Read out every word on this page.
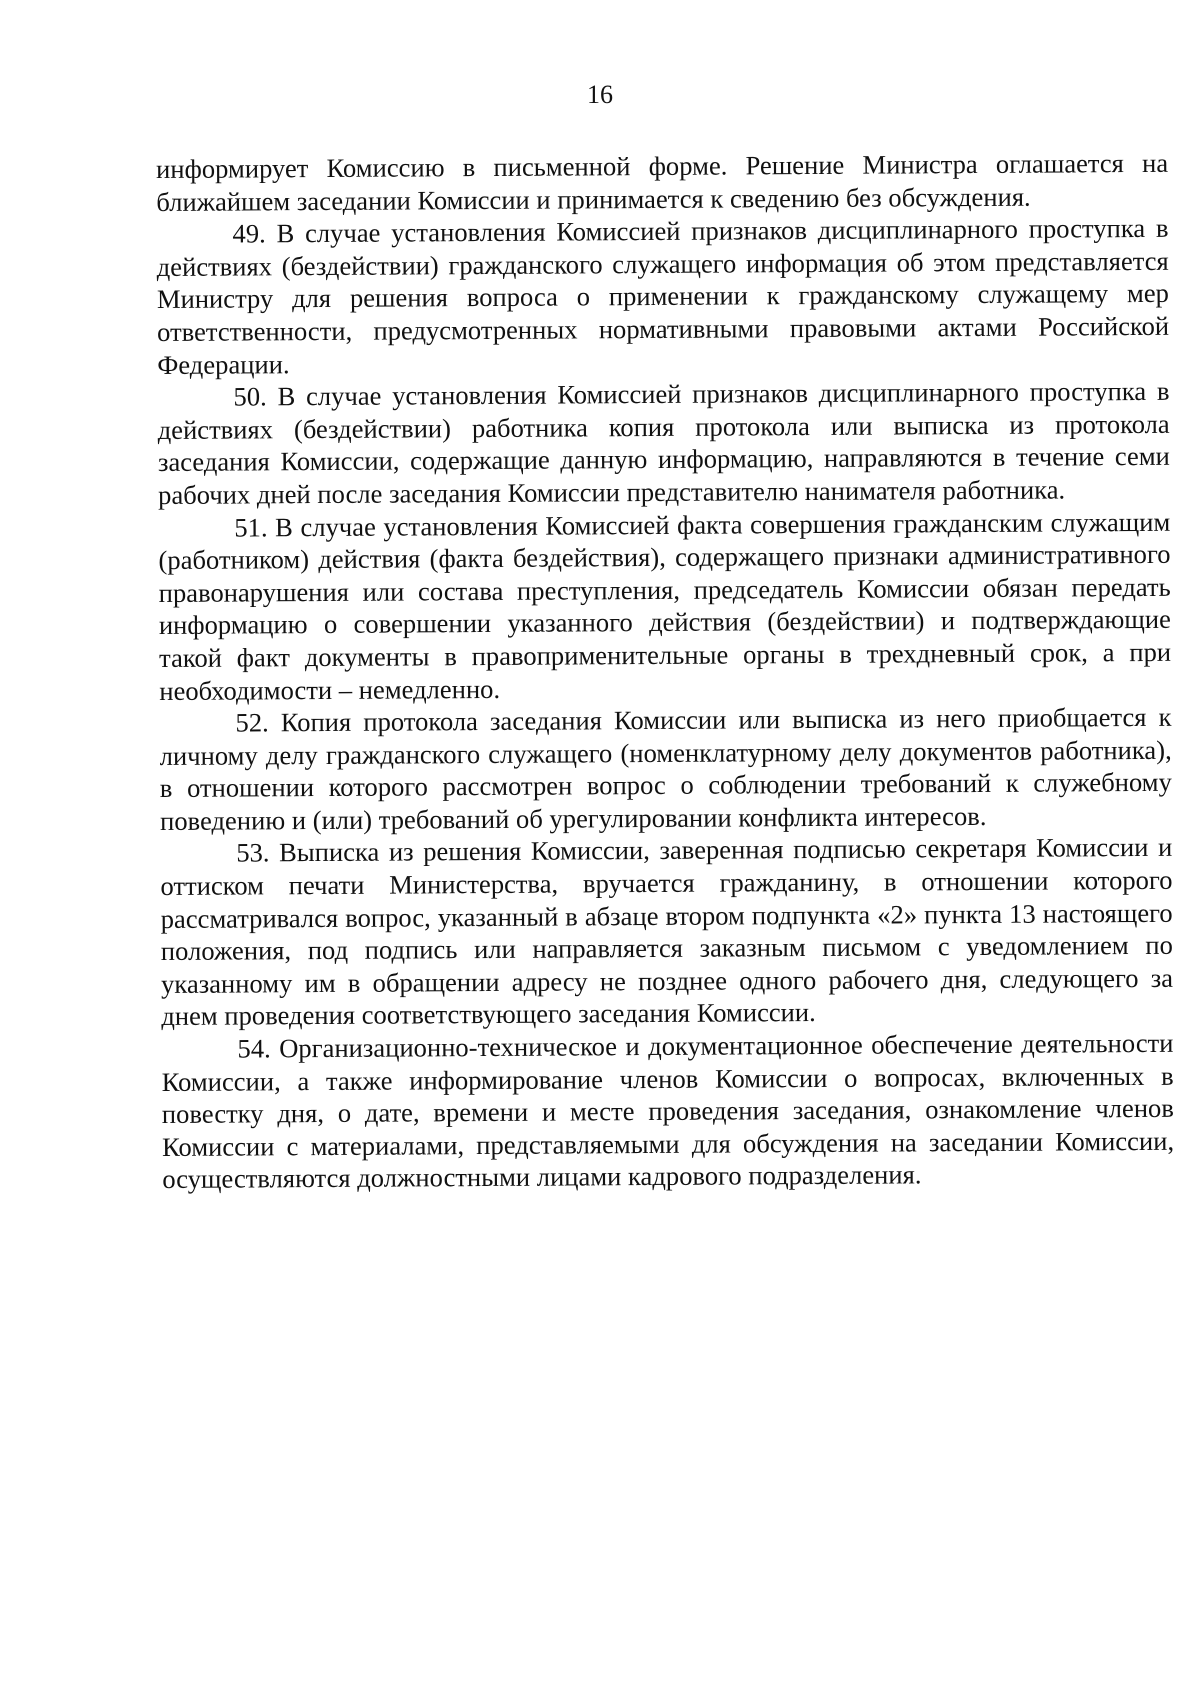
16

информирует Комиссию в письменной форме. Решение Министра оглашается на ближайшем заседании Комиссии и принимается к сведению без обсуждения.

49. В случае установления Комиссией признаков дисциплинарного проступка в действиях (бездействии) гражданского служащего информация об этом представляется Министру для решения вопроса о применении к гражданскому служащему мер ответственности, предусмотренных нормативными правовыми актами Российской Федерации.

50. В случае установления Комиссией признаков дисциплинарного проступка в действиях (бездействии) работника копия протокола или выписка из протокола заседания Комиссии, содержащие данную информацию, направляются в течение семи рабочих дней после заседания Комиссии представителю нанимателя работника.

51. В случае установления Комиссией факта совершения гражданским служащим (работником) действия (факта бездействия), содержащего признаки административного правонарушения или состава преступления, председатель Комиссии обязан передать информацию о совершении указанного действия (бездействии) и подтверждающие такой факт документы в правоприменительные органы в трехдневный срок, а при необходимости – немедленно.

52. Копия протокола заседания Комиссии или выписка из него приобщается к личному делу гражданского служащего (номенклатурному делу документов работника), в отношении которого рассмотрен вопрос о соблюдении требований к служебному поведению и (или) требований об урегулировании конфликта интересов.

53. Выписка из решения Комиссии, заверенная подписью секретаря Комиссии и оттиском печати Министерства, вручается гражданину, в отношении которого рассматривался вопрос, указанный в абзаце втором подпункта «2» пункта 13 настоящего положения, под подпись или направляется заказным письмом с уведомлением по указанному им в обращении адресу не позднее одного рабочего дня, следующего за днем проведения соответствующего заседания Комиссии.

54. Организационно-техническое и документационное обеспечение деятельности Комиссии, а также информирование членов Комиссии о вопросах, включенных в повестку дня, о дате, времени и месте проведения заседания, ознакомление членов Комиссии с материалами, представляемыми для обсуждения на заседании Комиссии, осуществляются должностными лицами кадрового подразделения.
